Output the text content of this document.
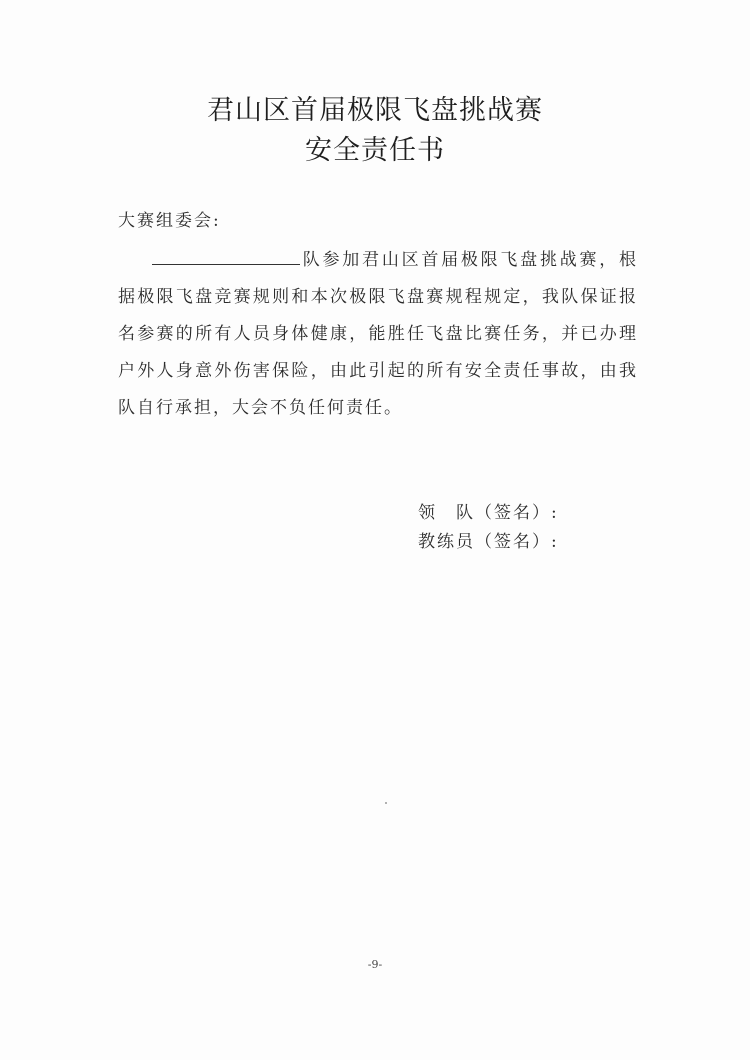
君山区首届极限飞盘挑战赛
安全责任书

大赛组委会:

队参加君山区首届极限飞盘挑战赛，根据极限飞盘竞赛规则和本次极限飞盘赛规程规定，我队保证报名参赛的所有人员身体健康，能胜任飞盘比赛任务，并已办理户外人身意外伤害保险，由此引起的所有安全责任事故，由我队自行承担，大会不负任何责任。

领　队（签名）:

教练员（签名）:

-9-
